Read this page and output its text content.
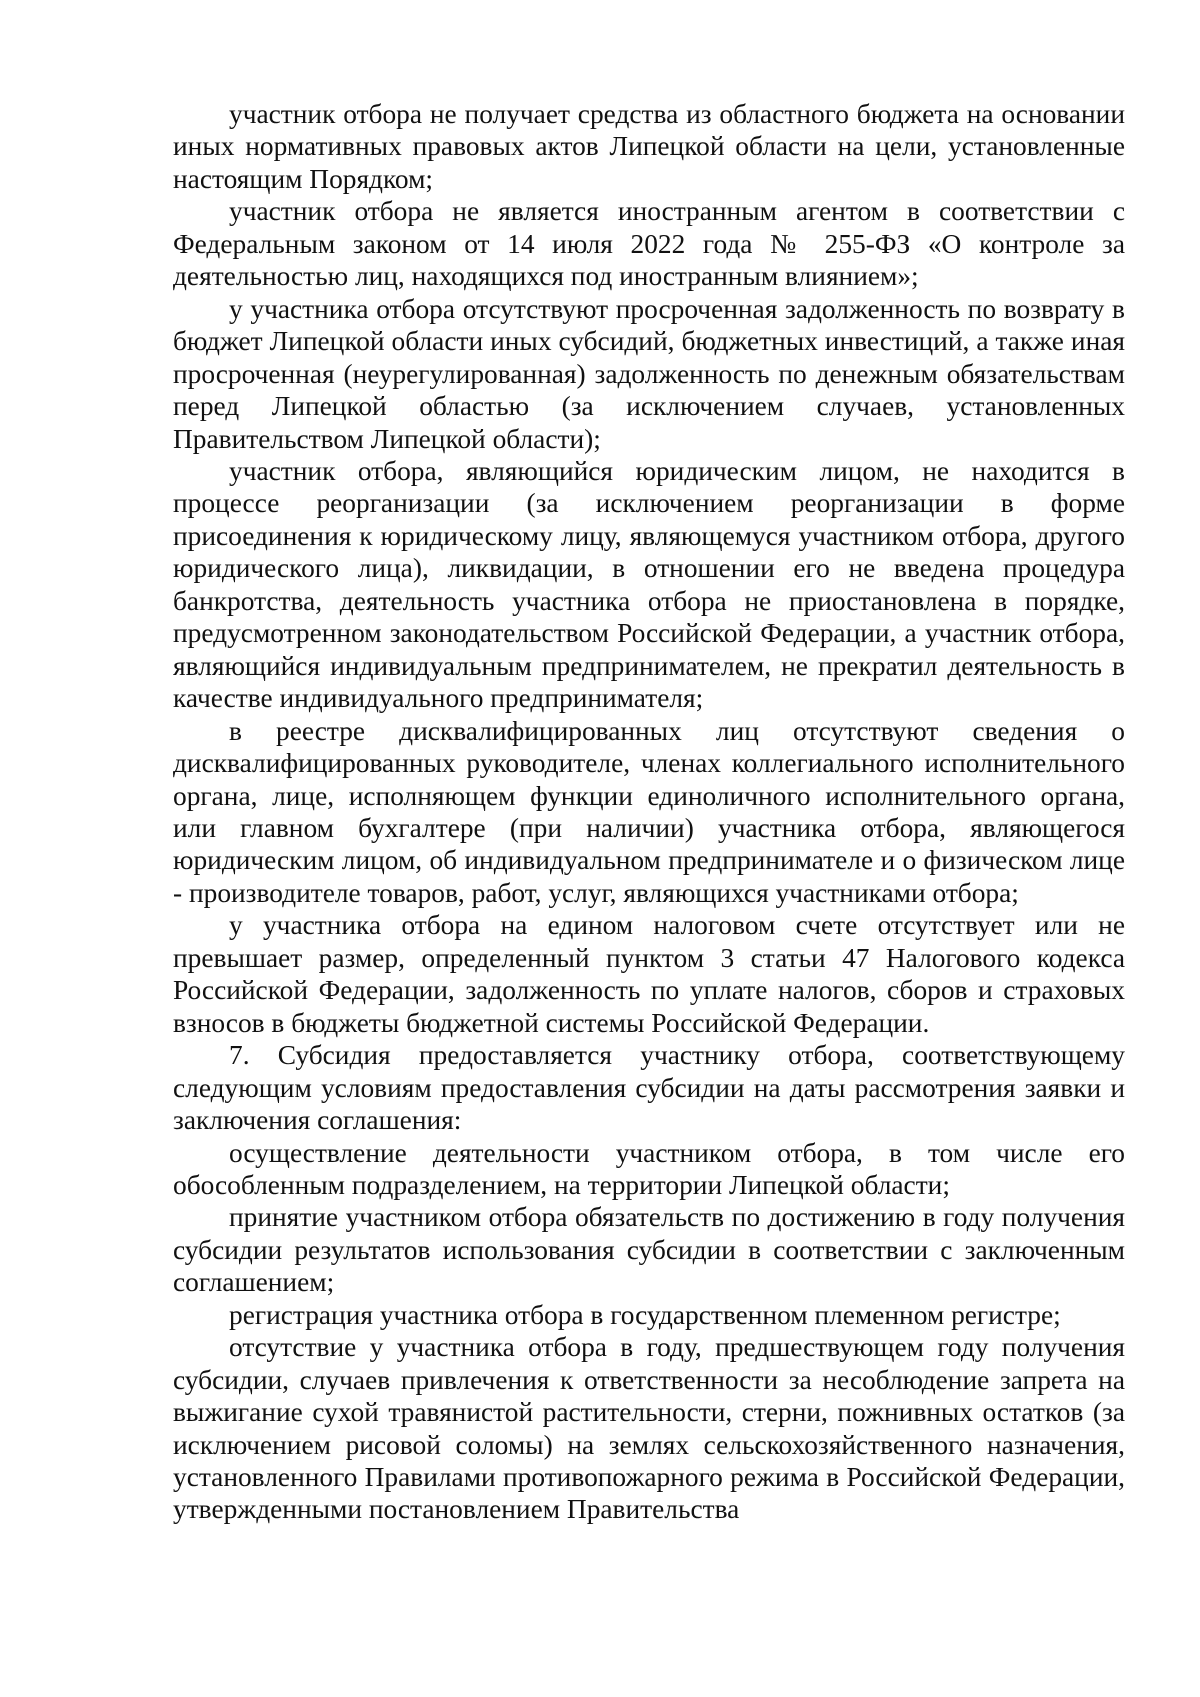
участник отбора не получает средства из областного бюджета на основании иных нормативных правовых актов Липецкой области на цели, установленные настоящим Порядком;

участник отбора не является иностранным агентом в соответствии с Федеральным законом от 14 июля 2022 года № 255-ФЗ «О контроле за деятельностью лиц, находящихся под иностранным влиянием»;

у участника отбора отсутствуют просроченная задолженность по возврату в бюджет Липецкой области иных субсидий, бюджетных инвестиций, а также иная просроченная (неурегулированная) задолженность по денежным обязательствам перед Липецкой областью (за исключением случаев, установленных Правительством Липецкой области);

участник отбора, являющийся юридическим лицом, не находится в процессе реорганизации (за исключением реорганизации в форме присоединения к юридическому лицу, являющемуся участником отбора, другого юридического лица), ликвидации, в отношении его не введена процедура банкротства, деятельность участника отбора не приостановлена в порядке, предусмотренном законодательством Российской Федерации, а участник отбора, являющийся индивидуальным предпринимателем, не прекратил деятельность в качестве индивидуального предпринимателя;

в реестре дисквалифицированных лиц отсутствуют сведения о дисквалифицированных руководителе, членах коллегиального исполнительного органа, лице, исполняющем функции единоличного исполнительного органа, или главном бухгалтере (при наличии) участника отбора, являющегося юридическим лицом, об индивидуальном предпринимателе и о физическом лице - производителе товаров, работ, услуг, являющихся участниками отбора;

у участника отбора на едином налоговом счете отсутствует или не превышает размер, определенный пунктом 3 статьи 47 Налогового кодекса Российской Федерации, задолженность по уплате налогов, сборов и страховых взносов в бюджеты бюджетной системы Российской Федерации.

7. Субсидия предоставляется участнику отбора, соответствующему следующим условиям предоставления субсидии на даты рассмотрения заявки и заключения соглашения:

осуществление деятельности участником отбора, в том числе его обособленным подразделением, на территории Липецкой области;

принятие участником отбора обязательств по достижению в году получения субсидии результатов использования субсидии в соответствии с заключенным соглашением;

регистрация участника отбора в государственном племенном регистре;

отсутствие у участника отбора в году, предшествующем году получения субсидии, случаев привлечения к ответственности за несоблюдение запрета на выжигание сухой травянистой растительности, стерни, пожнивных остатков (за исключением рисовой соломы) на землях сельскохозяйственного назначения, установленного Правилами противопожарного режима в Российской Федерации, утвержденными постановлением Правительства
